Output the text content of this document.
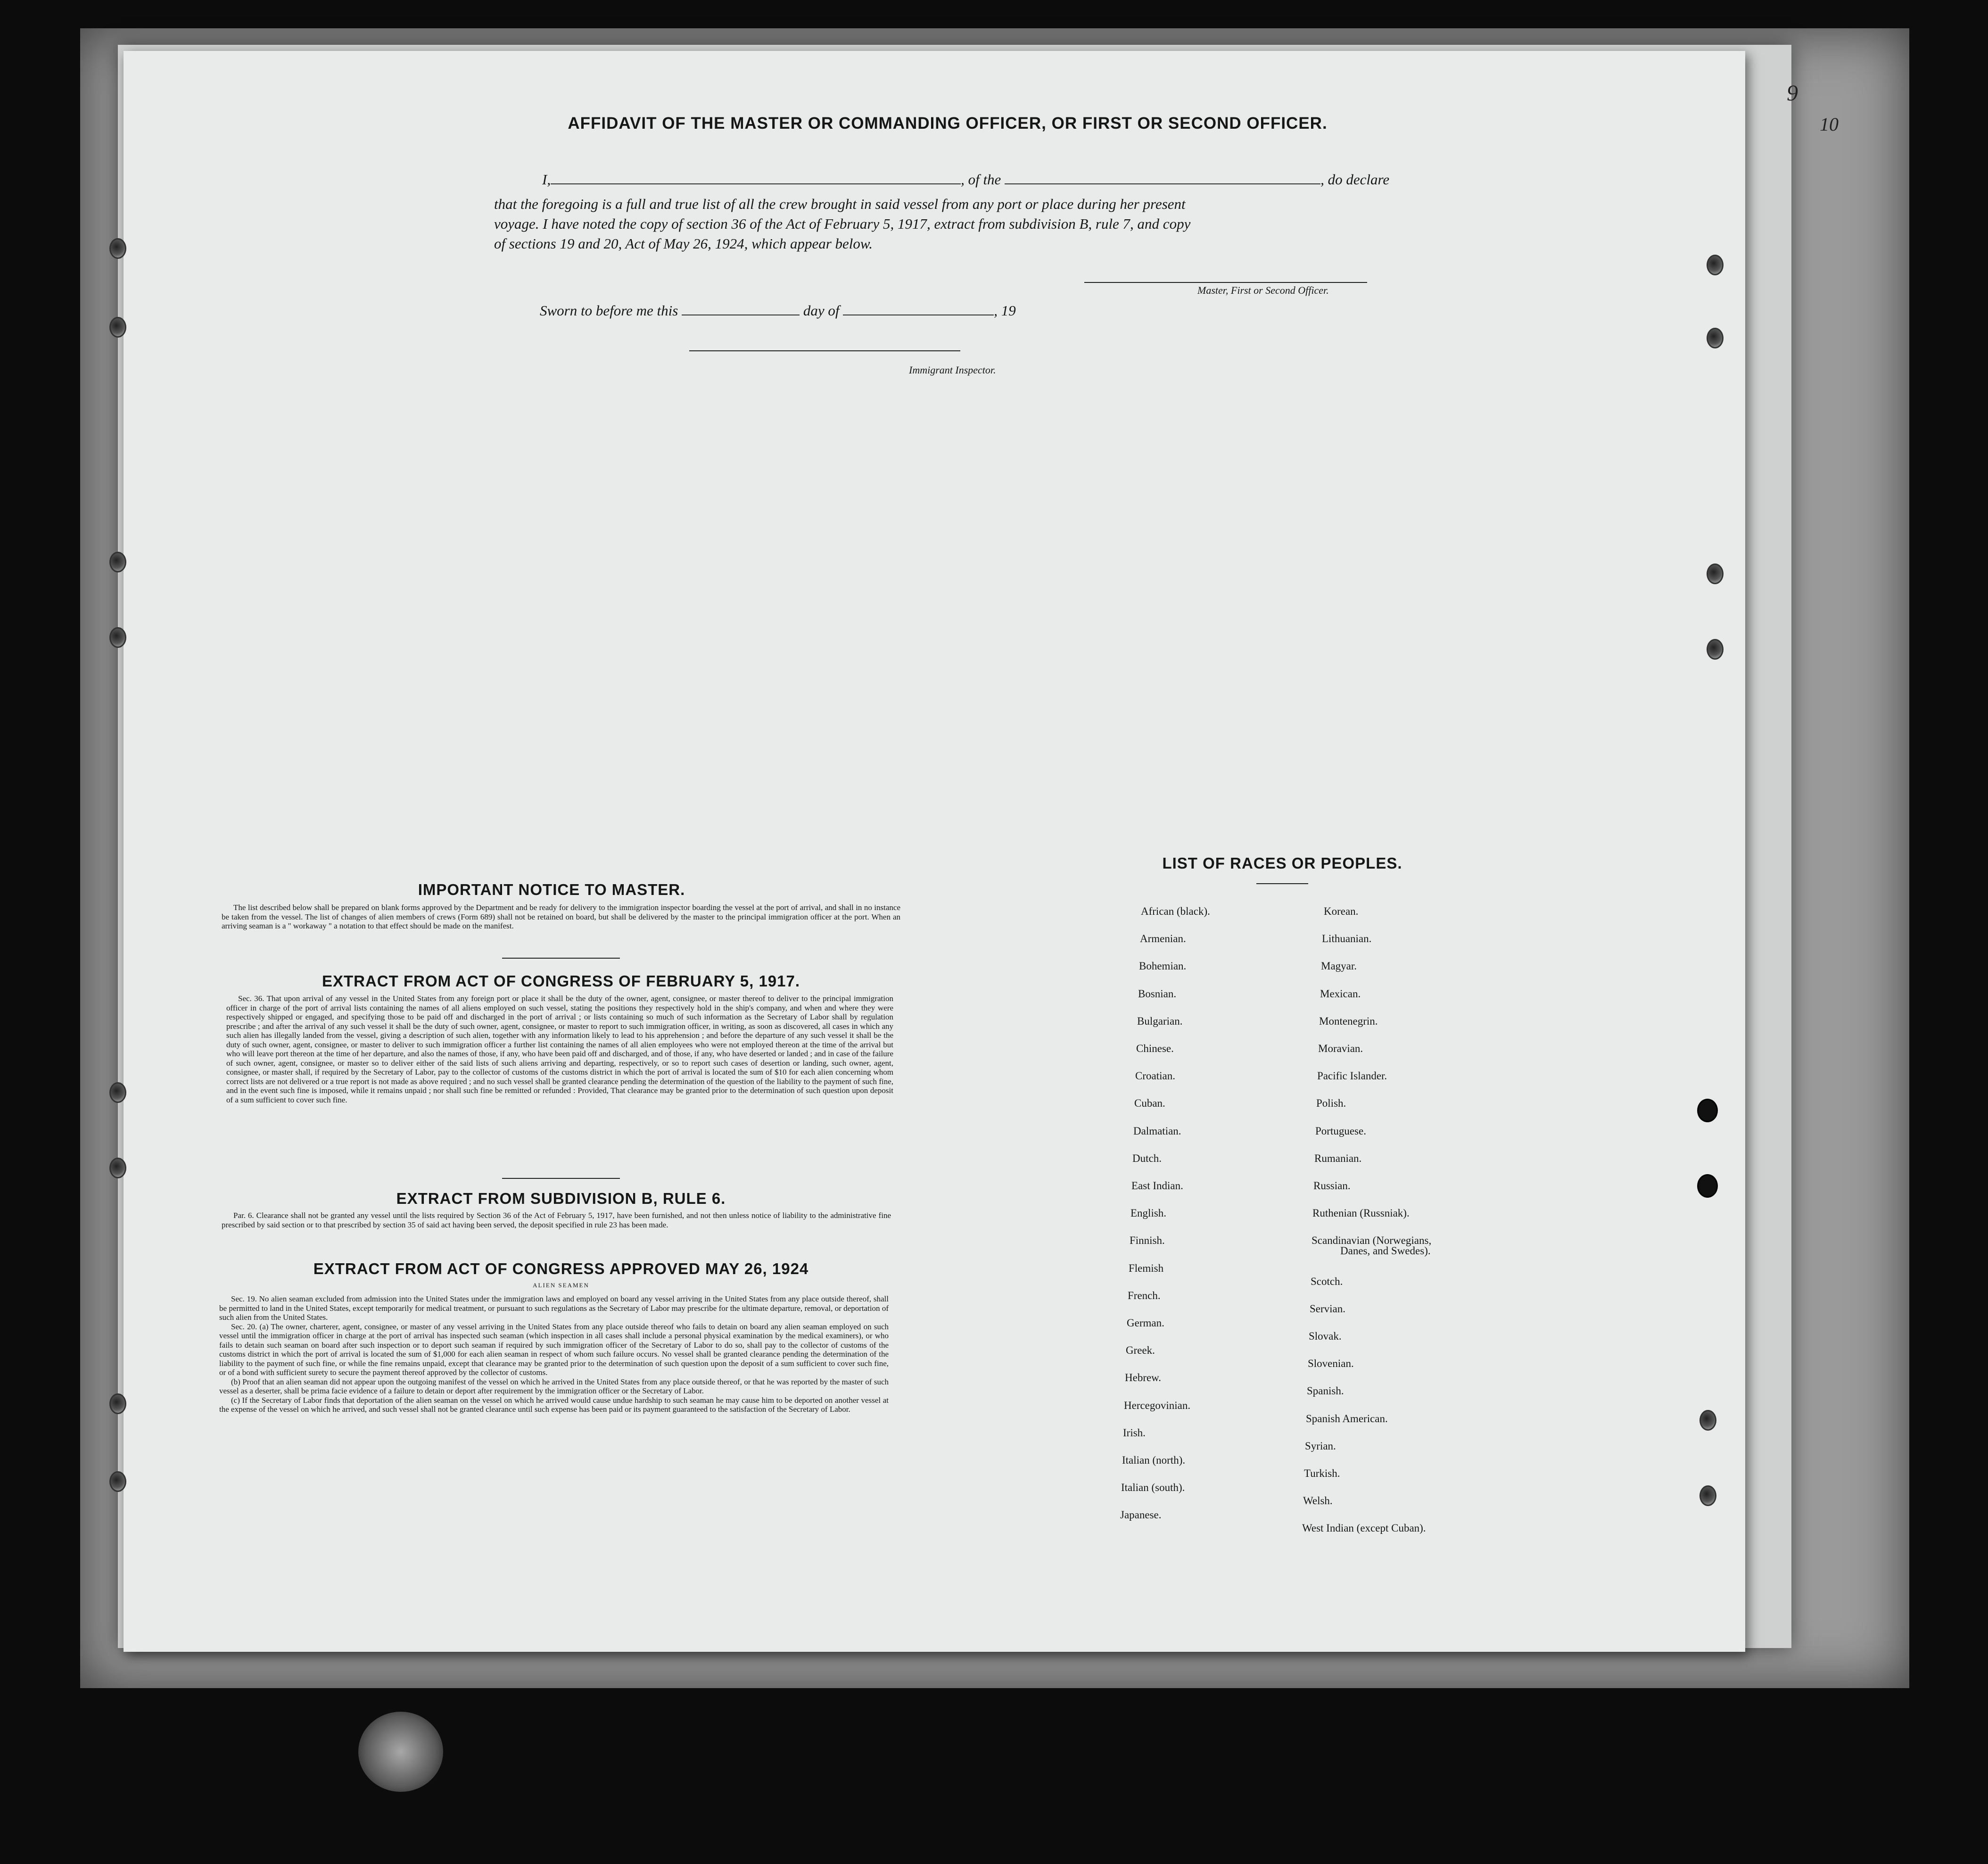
9
10
AFFIDAVIT OF THE MASTER OR COMMANDING OFFICER, OR FIRST OR SECOND OFFICER.
I,	, of the	, do declare
that the foregoing is a full and true list of all the crew brought in said vessel from any port or place during her present
voyage. I have noted the copy of section 36 of the Act of February 5, 1917, extract from subdivision B, rule 7, and copy
of sections 19 and 20, Act of May 26, 1924, which appear below.
Master, First or Second Officer.
Sworn to before me this	day of	, 19
Immigrant Inspector.
IMPORTANT NOTICE TO MASTER.

The list described below shall be prepared on blank forms approved by the Department and be ready for delivery to the immigration inspector boarding the vessel at the port of arrival, and shall in no instance be taken from the vessel. The list of changes of alien members of crews (Form 689) shall not be retained on board, but shall be delivered by the master to the principal immigration officer at the port. When an arriving seaman is a " workaway " a notation to that effect should be made on the manifest.

EXTRACT FROM ACT OF CONGRESS OF FEBRUARY 5, 1917.

Sec. 36. That upon arrival of any vessel in the United States from any foreign port or place it shall be the duty of the owner, agent, consignee, or master thereof to deliver to the principal immigration officer in charge of the port of arrival lists containing the names of all aliens employed on such vessel, stating the positions they respectively hold in the ship's company, and when and where they were respectively shipped or engaged, and specifying those to be paid off and discharged in the port of arrival ; or lists containing so much of such information as the Secretary of Labor shall by regulation prescribe ; and after the arrival of any such vessel it shall be the duty of such owner, agent, consignee, or master to report to such immigration officer, in writing, as soon as discovered, all cases in which any such alien has illegally landed from the vessel, giving a description of such alien, together with any information likely to lead to his apprehension ; and before the departure of any such vessel it shall be the duty of such owner, agent, consignee, or master to deliver to such immigration officer a further list containing the names of all alien employees who were not employed thereon at the time of the arrival but who will leave port thereon at the time of her departure, and also the names of those, if any, who have been paid off and discharged, and of those, if any, who have deserted or landed ; and in case of the failure of such owner, agent, consignee, or master so to deliver either of the said lists of such aliens arriving and departing, respectively, or so to report such cases of desertion or landing, such owner, agent, consignee, or master shall, if required by the Secretary of Labor, pay to the collector of customs of the customs district in which the port of arrival is located the sum of $10 for each alien concerning whom correct lists are not delivered or a true report is not made as above required ; and no such vessel shall be granted clearance pending the determination of the question of the liability to the payment of such fine, and in the event such fine is imposed, while it remains unpaid ; nor shall such fine be remitted or refunded : Provided, That clearance may be granted prior to the determination of such question upon deposit of a sum sufficient to cover such fine.

EXTRACT FROM SUBDIVISION B, RULE 6.

Par. 6. Clearance shall not be granted any vessel until the lists required by Section 36 of the Act of February 5, 1917, have been furnished, and not then unless notice of liability to the administrative fine prescribed by said section or to that prescribed by section 35 of said act having been served, the deposit specified in rule 23 has been made.

EXTRACT FROM ACT OF CONGRESS APPROVED MAY 26, 1924
ALIEN SEAMEN

Sec. 19. No alien seaman excluded from admission into the United States under the immigration laws and employed on board any vessel arriving in the United States from any place outside thereof, shall be permitted to land in the United States, except temporarily for medical treatment, or pursuant to such regulations as the Secretary of Labor may prescribe for the ultimate departure, removal, or deportation of such alien from the United States.

Sec. 20. (a) The owner, charterer, agent, consignee, or master of any vessel arriving in the United States from any place outside thereof who fails to detain on board any alien seaman employed on such vessel until the immigration officer in charge at the port of arrival has inspected such seaman (which inspection in all cases shall include a personal physical examination by the medical examiners), or who fails to detain such seaman on board after such inspection or to deport such seaman if required by such immigration officer of the Secretary of Labor to do so, shall pay to the collector of customs of the customs district in which the port of arrival is located the sum of $1,000 for each alien seaman in respect of whom such failure occurs. No vessel shall be granted clearance pending the determination of the liability to the payment of such fine, or while the fine remains unpaid, except that clearance may be granted prior to the determination of such question upon the deposit of a sum sufficient to cover such fine, or of a bond with sufficient surety to secure the payment thereof approved by the collector of customs.

(b) Proof that an alien seaman did not appear upon the outgoing manifest of the vessel on which he arrived in the United States from any place outside thereof, or that he was reported by the master of such vessel as a deserter, shall be prima facie evidence of a failure to detain or deport after requirement by the immigration officer or the Secretary of Labor.

(c) If the Secretary of Labor finds that deportation of the alien seaman on the vessel on which he arrived would cause undue hardship to such seaman he may cause him to be deported on another vessel at the expense of the vessel on which he arrived, and such vessel shall not be granted clearance until such expense has been paid or its payment guaranteed to the satisfaction of the Secretary of Labor.

LIST OF RACES OR PEOPLES.
African (black).
Armenian.
Bohemian.
Bosnian.
Bulgarian.
Chinese.
Croatian.
Cuban.
Dalmatian.
Dutch.
East Indian.
English.
Finnish.
Flemish
French.
German.
Greek.
Hebrew.
Hercegovinian.
Irish.
Italian (north).
Italian (south).
Japanese.
Korean.
Lithuanian.
Magyar.
Mexican.
Montenegrin.
Moravian.
Pacific Islander.
Polish.
Portuguese.
Rumanian.
Russian.
Ruthenian (Russniak).
Scandinavian (Norwegians,
Scotch.
Servian.
Slovak.
Slovenian.
Spanish.
Spanish American.
Syrian.
Turkish.
Welsh.
West Indian (except Cuban).
Danes, and Swedes).
